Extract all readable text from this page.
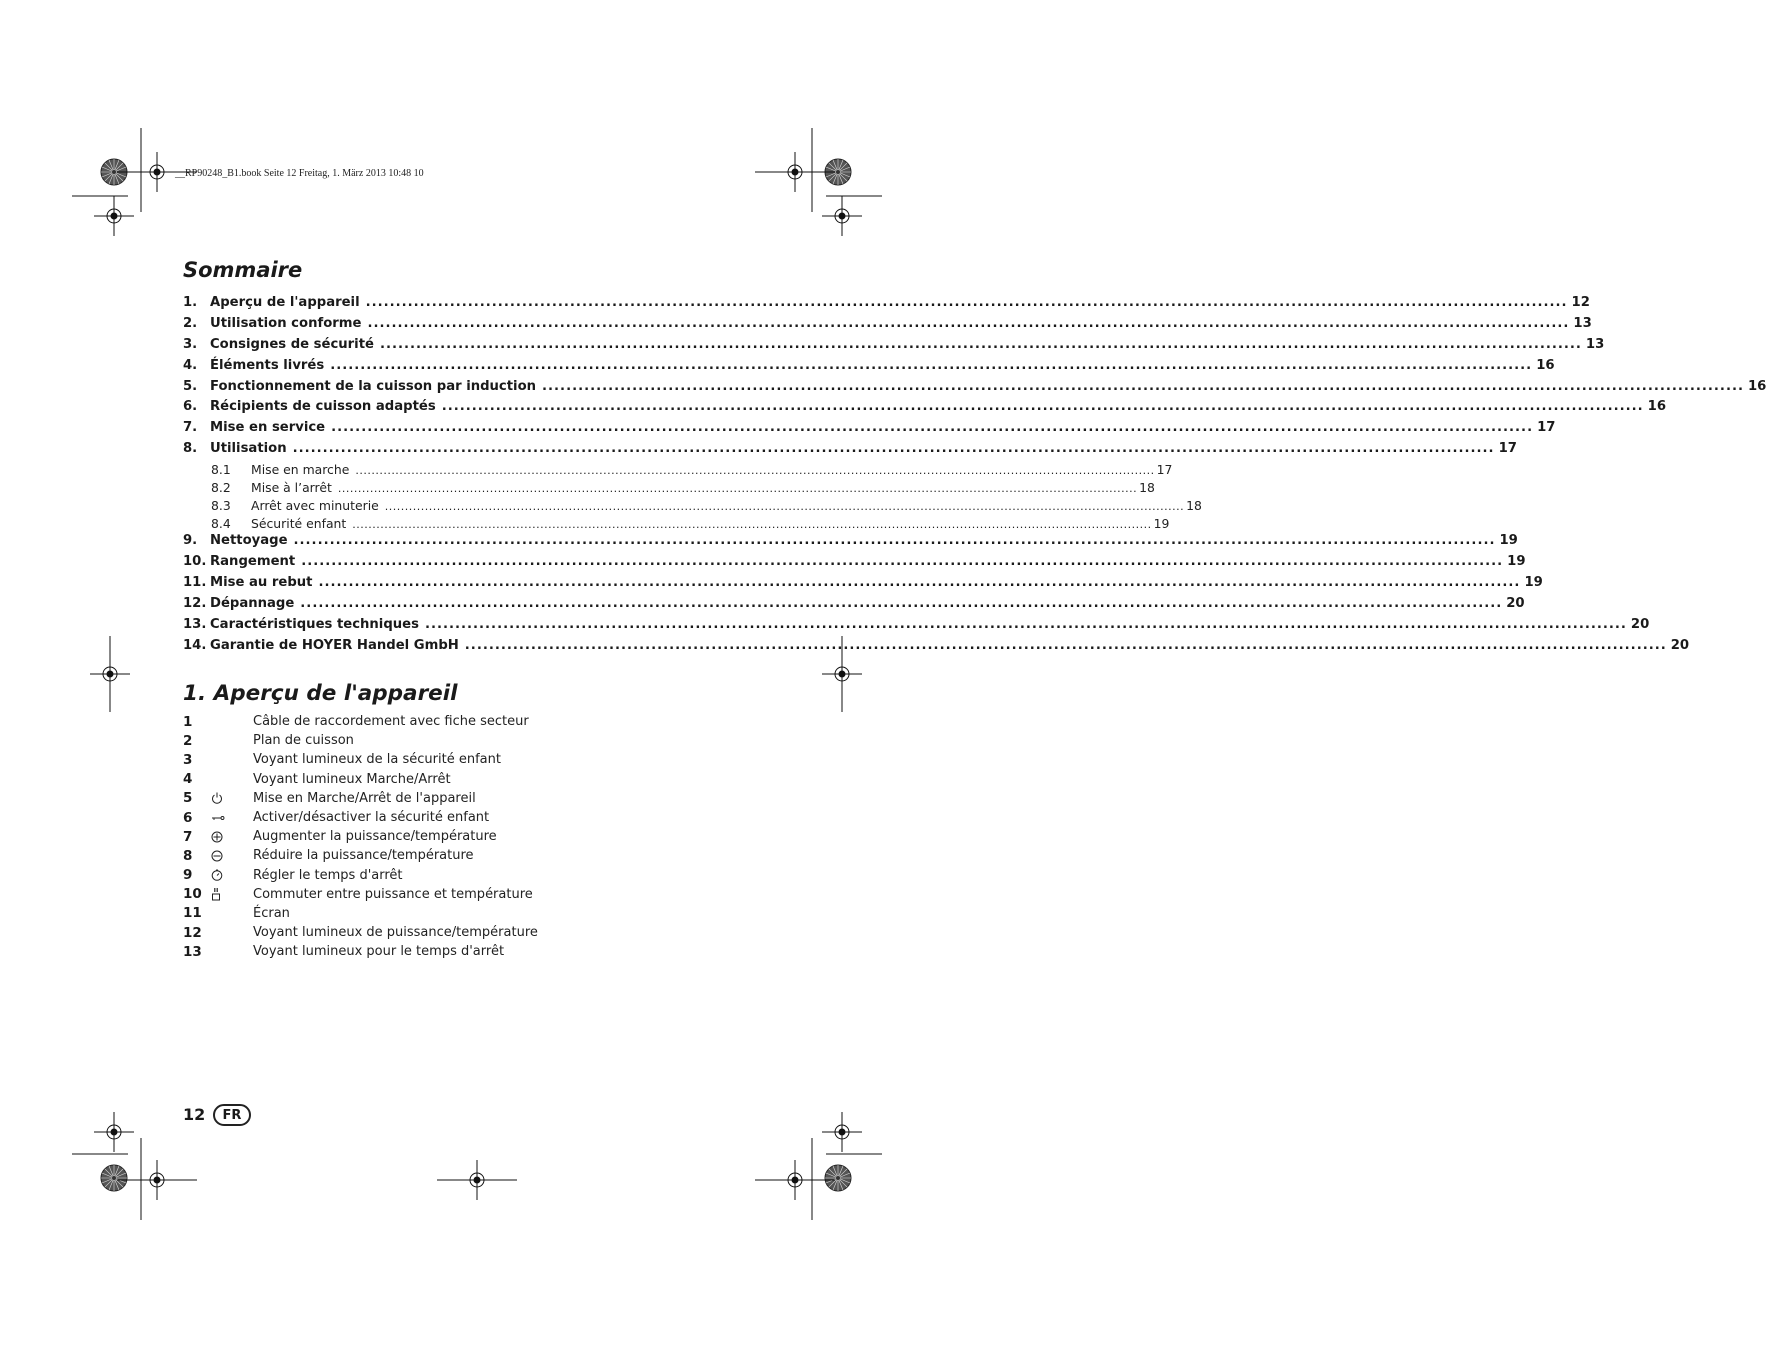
__RP90248_B1.book Seite 12 Freitag, 1. März 2013 10:48 10
Sommaire
1. Aperçu de l'appareil ........................................................................................................................................................................................................ 12
2. Utilisation conforme ........................................................................................................................................................................................................ 13
3. Consignes de sécurité ........................................................................................................................................................................................................ 13
4. Éléments livrés ........................................................................................................................................................................................................ 16
5. Fonctionnement de la cuisson par induction ........................................................................................................................................................................................................ 16
6. Récipients de cuisson adaptés ........................................................................................................................................................................................................ 16
7. Mise en service ........................................................................................................................................................................................................ 17
8. Utilisation ........................................................................................................................................................................................................ 17
8.1	Mise en marche ........................................................................................................................................................................................................ 17
8.2	Mise à l’arrêt ........................................................................................................................................................................................................ 18
8.3	Arrêt avec minuterie ........................................................................................................................................................................................................ 18
8.4	Sécurité enfant ........................................................................................................................................................................................................ 19
9. Nettoyage ........................................................................................................................................................................................................ 19
10. Rangement ........................................................................................................................................................................................................ 19
11. Mise au rebut ........................................................................................................................................................................................................ 19
12. Dépannage ........................................................................................................................................................................................................ 20
13. Caractéristiques techniques ........................................................................................................................................................................................................ 20
14. Garantie de HOYER Handel GmbH ........................................................................................................................................................................................................ 20
1. Aperçu de l'appareil
1	Câble de raccordement avec fiche secteur
2	Plan de cuisson
3	Voyant lumineux de la sécurité enfant
4	Voyant lumineux Marche/Arrêt
5	Mise en Marche/Arrêt de l'appareil
6	Activer/désactiver la sécurité enfant
7	Augmenter la puissance/température
8	Réduire la puissance/température
9	Régler le temps d'arrêt
10	Commuter entre puissance et température
11	Écran
12	Voyant lumineux de puissance/température
13	Voyant lumineux pour le temps d'arrêt
12	FR
